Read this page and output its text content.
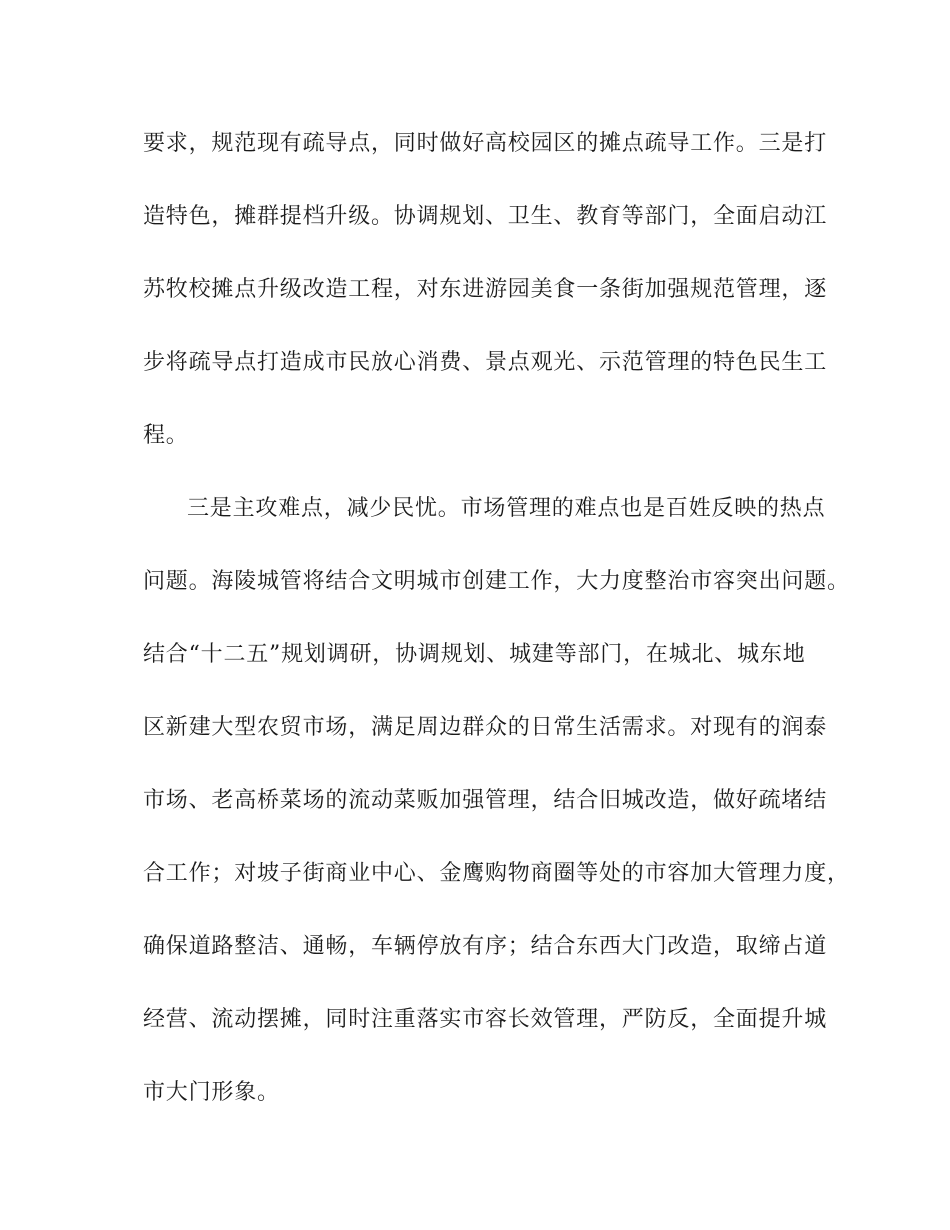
要求，规范现有疏导点，同时做好高校园区的摊点疏导工作。三是打
造特色，摊群提档升级。协调规划、卫生、教育等部门，全面启动江
苏牧校摊点升级改造工程，对东进游园美食一条街加强规范管理，逐
步将疏导点打造成市民放心消费、景点观光、示范管理的特色民生工
程。
三是主攻难点，减少民忧。市场管理的难点也是百姓反映的热点
问题。海陵城管将结合文明城市创建工作，大力度整治市容突出问题。
结合“十二五”规划调研，协调规划、城建等部门，在城北、城东地
区新建大型农贸市场，满足周边群众的日常生活需求。对现有的润泰
市场、老高桥菜场的流动菜贩加强管理，结合旧城改造，做好疏堵结
合工作；对坡子街商业中心、金鹰购物商圈等处的市容加大管理力度，
确保道路整洁、通畅，车辆停放有序；结合东西大门改造，取缔占道
经营、流动摆摊，同时注重落实市容长效管理，严防反，全面提升城
市大门形象。
